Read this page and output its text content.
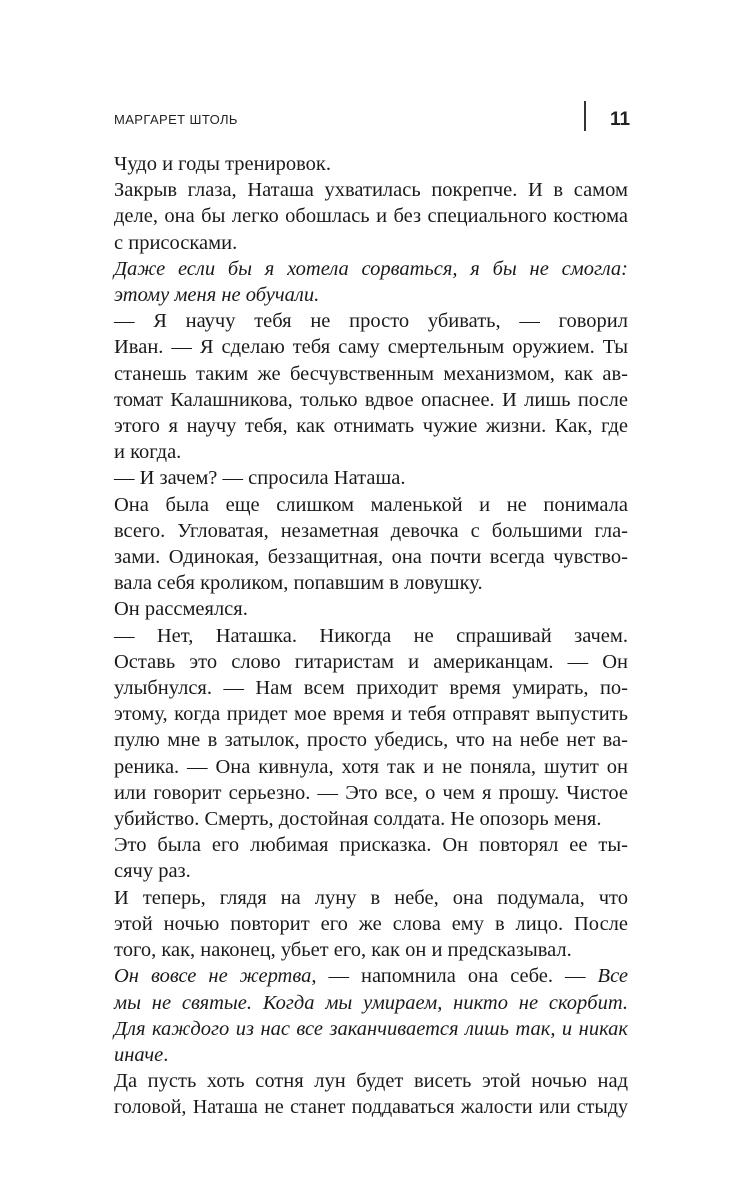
МАРГАРЕТ ШТОЛЬ	11
Чудо и годы тренировок.
Закрыв глаза, Наташа ухватилась покрепче. И в самом
деле, она бы легко обошлась и без специального костюма
с присосками.
Даже если бы я хотела сорваться, я бы не смогла:
этому меня не обучали.
— Я научу тебя не просто убивать, — говорил
Иван. — Я сделаю тебя саму смертельным оружием. Ты
станешь таким же бесчувственным механизмом, как ав-
томат Калашникова, только вдвое опаснее. И лишь после
этого я научу тебя, как отнимать чужие жизни. Как, где
и когда.
— И зачем? — спросила Наташа.
Она была еще слишком маленькой и не понимала
всего. Угловатая, незаметная девочка с большими гла-
зами. Одинокая, беззащитная, она почти всегда чувство-
вала себя кроликом, попавшим в ловушку.
Он рассмеялся.
— Нет, Наташка. Никогда не спрашивай зачем.
Оставь это слово гитаристам и американцам. — Он
улыбнулся. — Нам всем приходит время умирать, по-
этому, когда придет мое время и тебя отправят выпустить
пулю мне в затылок, просто убедись, что на небе нет ва-
реника. — Она кивнула, хотя так и не поняла, шутит он
или говорит серьезно. — Это все, о чем я прошу. Чистое
убийство. Смерть, достойная солдата. Не опозорь меня.
Это была его любимая присказка. Он повторял ее ты-
сячу раз.
И теперь, глядя на луну в небе, она подумала, что
этой ночью повторит его же слова ему в лицо. После
того, как, наконец, убьет его, как он и предсказывал.
Он вовсе не жертва, — напомнила она себе. — Все
мы не святые. Когда мы умираем, никто не скорбит.
Для каждого из нас все заканчивается лишь так, и никак
иначе.
Да пусть хоть сотня лун будет висеть этой ночью над
головой, Наташа не станет поддаваться жалости или стыду
